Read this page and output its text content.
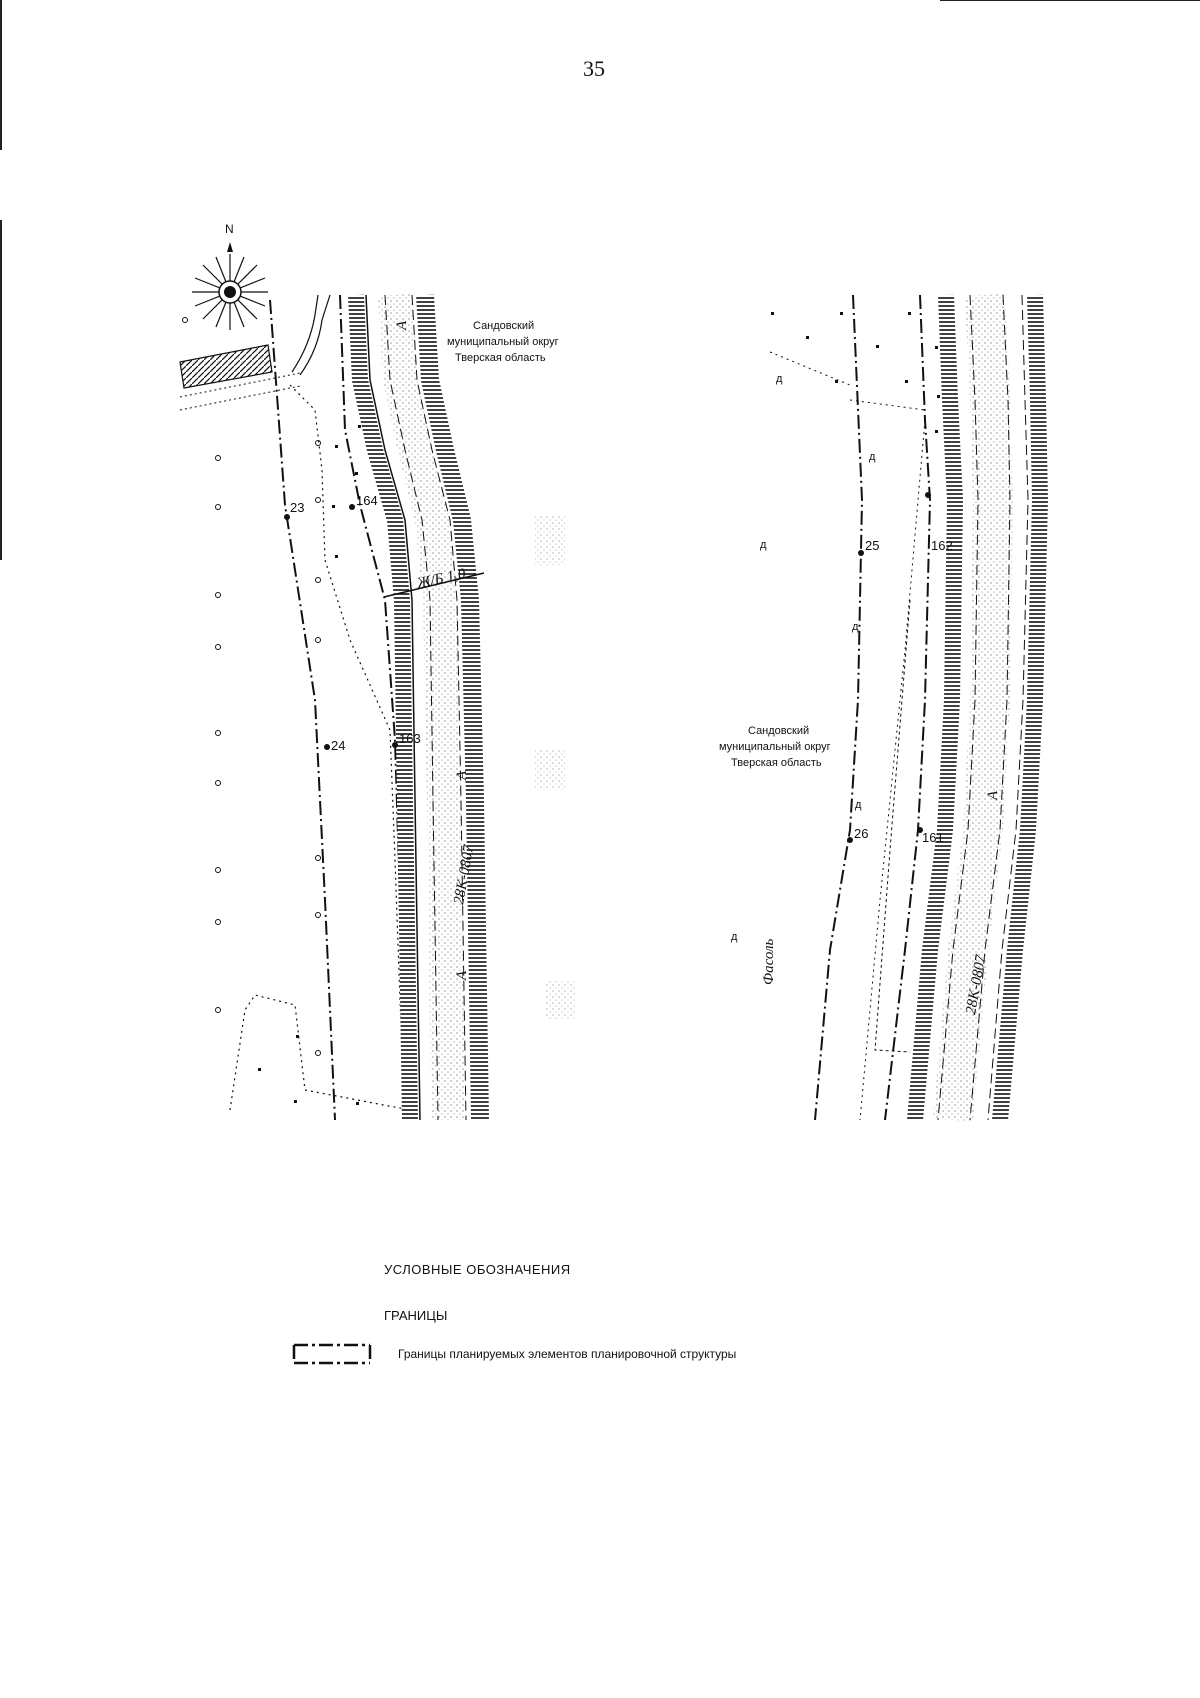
35
N
23
24
164
163
Ж/Б 1,0
28К-0807
А
А
А
Сандовский
муниципальный округ
Тверская область
д
д
д
д
д
д
25
26
162
161
Сандовский
муниципальный округ
Тверская область
Фасоль	28К-0807
А
УСЛОВНЫЕ ОБОЗНАЧЕНИЯ
ГРАНИЦЫ
Границы планируемых элементов планировочной структуры
